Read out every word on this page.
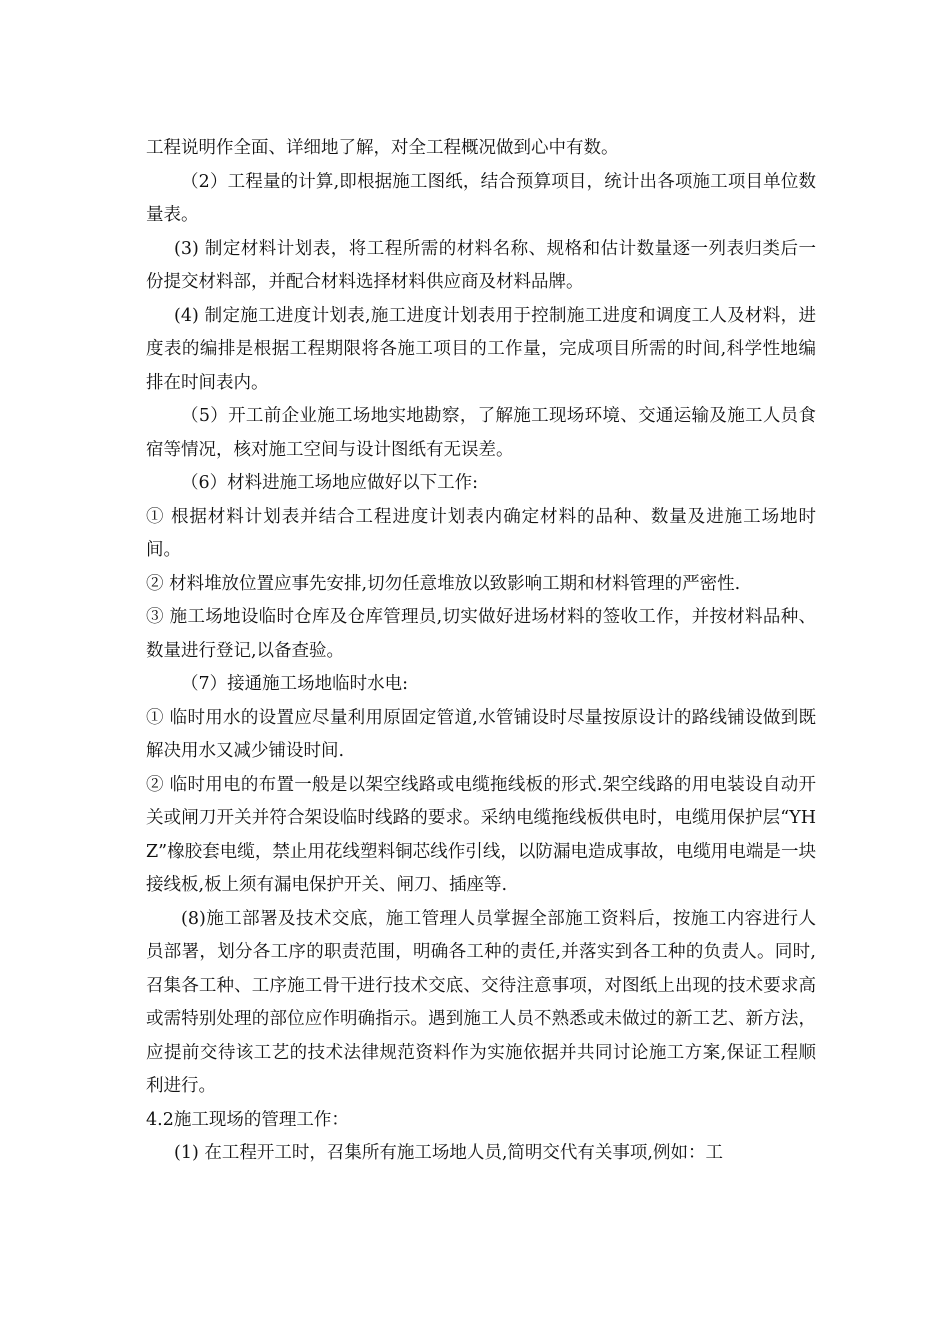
工程说明作全面、详细地了解，对全工程概况做到心中有数。

（2）工程量的计算,即根据施工图纸，结合预算项目，统计出各项施工项目单位数量表。

(3) 制定材料计划表，将工程所需的材料名称、规格和估计数量逐一列表归类后一份提交材料部，并配合材料选择材料供应商及材料品牌。

(4) 制定施工进度计划表,施工进度计划表用于控制施工进度和调度工人及材料，进度表的编排是根据工程期限将各施工项目的工作量，完成项目所需的时间,科学性地编排在时间表内。

（5）开工前企业施工场地实地勘察，了解施工现场环境、交通运输及施工人员食宿等情况，核对施工空间与设计图纸有无误差。

（6）材料进施工场地应做好以下工作:

① 根据材料计划表并结合工程进度计划表内确定材料的品种、数量及进施工场地时间。

② 材料堆放位置应事先安排,切勿任意堆放以致影响工期和材料管理的严密性.

③ 施工场地设临时仓库及仓库管理员,切实做好进场材料的签收工作，并按材料品种、数量进行登记,以备查验。

（7）接通施工场地临时水电:

① 临时用水的设置应尽量利用原固定管道,水管铺设时尽量按原设计的路线铺设做到既解决用水又减少铺设时间.

② 临时用电的布置一般是以架空线路或电缆拖线板的形式.架空线路的用电装设自动开关或闸刀开关并符合架设临时线路的要求。采纳电缆拖线板供电时，电缆用保护层“YHZ”橡胶套电缆，禁止用花线塑料铜芯线作引线，以防漏电造成事故，电缆用电端是一块接线板,板上须有漏电保护开关、闸刀、插座等.

(8)施工部署及技术交底，施工管理人员掌握全部施工资料后，按施工内容进行人员部署，划分各工序的职责范围，明确各工种的责任,并落实到各工种的负责人。同时,召集各工种、工序施工骨干进行技术交底、交待注意事项，对图纸上出现的技术要求高或需特别处理的部位应作明确指示。遇到施工人员不熟悉或未做过的新工艺、新方法，应提前交待该工艺的技术法律规范资料作为实施依据并共同讨论施工方案,保证工程顺利进行。

4.2施工现场的管理工作：

(1) 在工程开工时，召集所有施工场地人员,简明交代有关事项,例如：工
